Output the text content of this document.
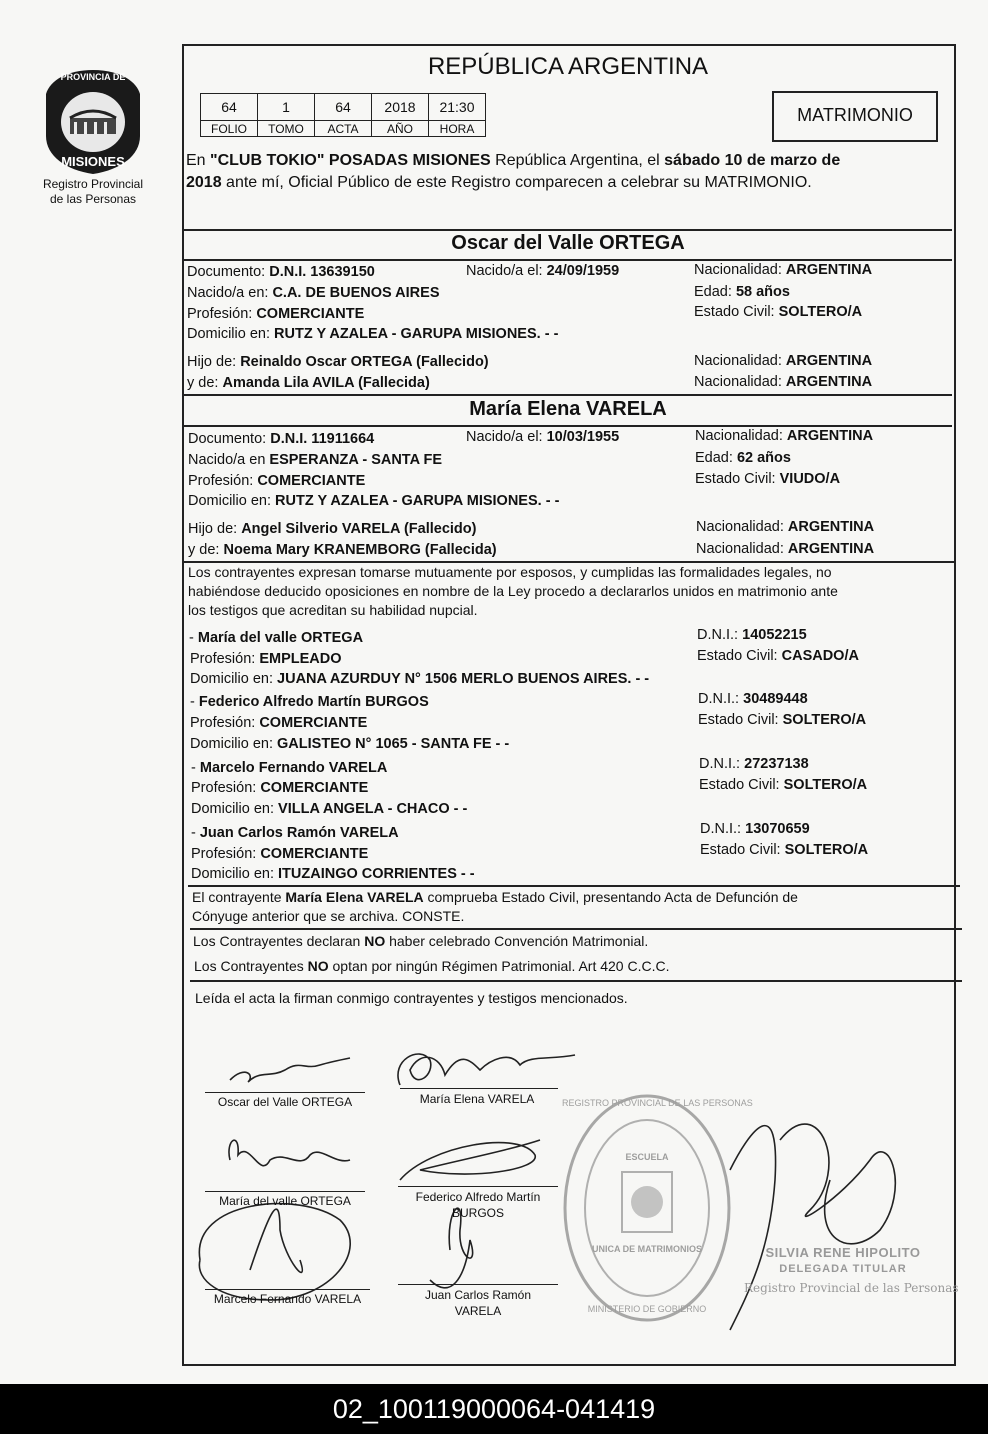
PROVINCIA DE
MISIONES
Registro Provincial
de las Personas
REPÚBLICA ARGENTINA
64	1	64	2018	21:30
FOLIO	TOMO	ACTA	AÑO	HORA
MATRIMONIO
En "CLUB TOKIO" POSADAS MISIONES República Argentina, el sábado 10 de marzo de
2018 ante mí, Oficial Público de este Registro comparecen a celebrar su MATRIMONIO.
Oscar del Valle ORTEGA
Documento: D.N.I. 13639150	Nacido/a el: 24/09/1959	Nacionalidad: ARGENTINA
Nacido/a en: C.A. DE BUENOS AIRES	Edad: 58 años
Profesión: COMERCIANTE	Estado Civil: SOLTERO/A
Domicilio en: RUTZ Y AZALEA - GARUPA MISIONES. - -
Hijo de: Reinaldo Oscar ORTEGA (Fallecido)	Nacionalidad: ARGENTINA
y de: Amanda Lila AVILA (Fallecida)	Nacionalidad: ARGENTINA
María Elena VARELA
Documento: D.N.I. 11911664	Nacido/a el: 10/03/1955	Nacionalidad: ARGENTINA
Nacido/a en ESPERANZA - SANTA FE	Edad: 62 años
Profesión: COMERCIANTE	Estado Civil: VIUDO/A
Domicilio en: RUTZ Y AZALEA - GARUPA MISIONES. - -
Hijo de: Angel Silverio VARELA (Fallecido)	Nacionalidad: ARGENTINA
y de: Noema Mary KRANEMBORG (Fallecida)	Nacionalidad: ARGENTINA
Los contrayentes expresan tomarse mutuamente por esposos, y cumplidas las formalidades legales, no
habiéndose deducido oposiciones en nombre de la Ley procedo a declararlos unidos en matrimonio ante
los testigos que acreditan su habilidad nupcial.
- María del valle ORTEGA	D.N.I.: 14052215
Profesión: EMPLEADO	Estado Civil: CASADO/A
Domicilio en: JUANA AZURDUY N° 1506 MERLO BUENOS AIRES. - -
- Federico Alfredo Martín BURGOS	D.N.I.: 30489448
Profesión: COMERCIANTE	Estado Civil: SOLTERO/A
Domicilio en: GALISTEO N° 1065 - SANTA FE - -
- Marcelo Fernando VARELA	D.N.I.: 27237138
Profesión: COMERCIANTE	Estado Civil: SOLTERO/A
Domicilio en: VILLA ANGELA - CHACO - -
- Juan Carlos Ramón VARELA	D.N.I.: 13070659
Profesión: COMERCIANTE	Estado Civil: SOLTERO/A
Domicilio en: ITUZAINGO CORRIENTES - -
El contrayente María Elena VARELA comprueba Estado Civil, presentando Acta de Defunción de
Cónyuge anterior que se archiva. CONSTE.
Los Contrayentes declaran NO haber celebrado Convención Matrimonial.
Los Contrayentes NO optan por ningún Régimen Patrimonial. Art 420 C.C.C.
Leída el acta la firman conmigo contrayentes y testigos mencionados.
Oscar del Valle ORTEGA	María Elena VARELA
María del valle ORTEGA	Federico Alfredo Martín
BURGOS
Marcelo Fernando VARELA	Juan Carlos Ramón
VARELA
REGISTRO PROVINCIAL DE LAS PERSONAS
ESCUELA
UNICA DE MATRIMONIOS
MINISTERIO DE GOBIERNO
SILVIA RENE HIPOLITO
DELEGADA TITULAR
Registro Provincial de las Personas
02_100119000064-041419
